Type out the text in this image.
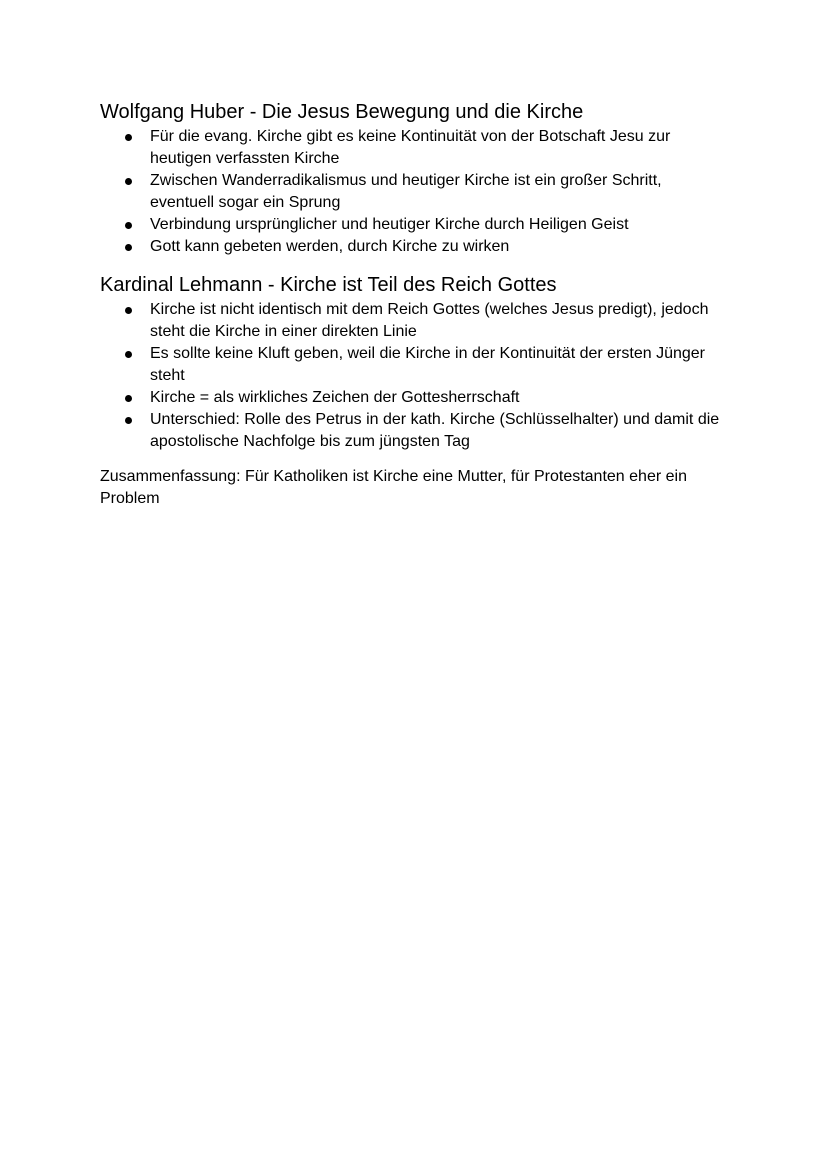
Wolfgang Huber - Die Jesus Bewegung und die Kirche
Für die evang. Kirche gibt es keine Kontinuität von der Botschaft Jesu zur heutigen verfassten Kirche
Zwischen Wanderradikalismus und heutiger Kirche ist ein großer Schritt, eventuell sogar ein Sprung
Verbindung ursprünglicher und heutiger Kirche durch Heiligen Geist
Gott kann gebeten werden, durch Kirche zu wirken
Kardinal Lehmann - Kirche ist Teil des Reich Gottes
Kirche ist nicht identisch mit dem Reich Gottes (welches Jesus predigt), jedoch steht die Kirche in einer direkten Linie
Es sollte keine Kluft geben, weil die Kirche in der Kontinuität der ersten Jünger steht
Kirche = als wirkliches Zeichen der Gottesherrschaft
Unterschied: Rolle des Petrus in der kath. Kirche (Schlüsselhalter) und damit die apostolische Nachfolge bis zum jüngsten Tag

Zusammenfassung: Für Katholiken ist Kirche eine Mutter, für Protestanten eher ein Problem
